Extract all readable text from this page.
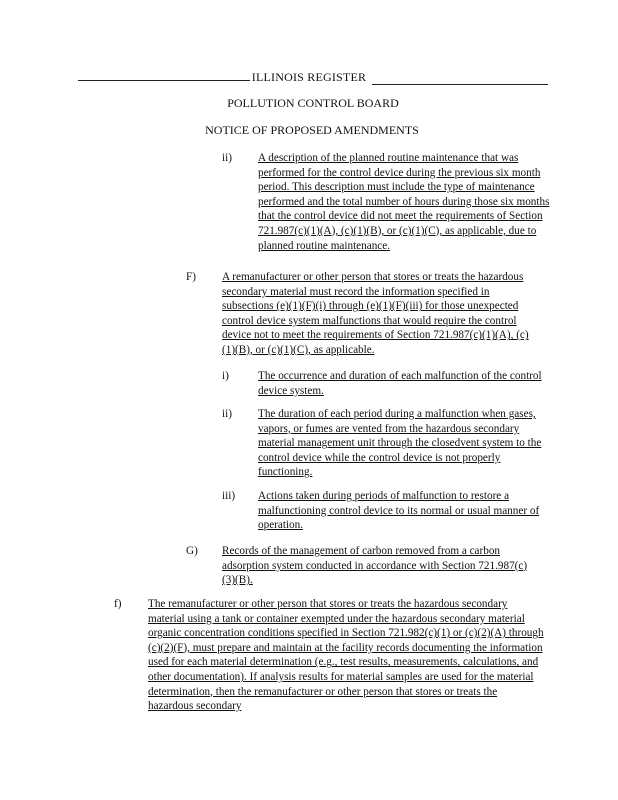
ILLINOIS REGISTER
POLLUTION CONTROL BOARD
NOTICE OF PROPOSED AMENDMENTS
ii) A description of the planned routine maintenance that was performed for the control device during the previous six month period. This description must include the type of maintenance performed and the total number of hours during those six months that the control device did not meet the requirements of Section 721.987(c)(1)(A), (c)(1)(B), or (c)(1)(C), as applicable, due to planned routine maintenance.
F) A remanufacturer or other person that stores or treats the hazardous secondary material must record the information specified in subsections (e)(1)(F)(i) through (e)(1)(F)(iii) for those unexpected control device system malfunctions that would require the control device not to meet the requirements of Section 721.987(c)(1)(A), (c)(1)(B), or (c)(1)(C), as applicable.
i)	The occurrence and duration of each malfunction of the control device system.
ii) The duration of each period during a malfunction when gases, vapors, or fumes are vented from the hazardous secondary material management unit through the closedvent system to the control device while the control device is not properly functioning.
iii) Actions taken during periods of malfunction to restore a malfunctioning control device to its normal or usual manner of operation.
G) Records of the management of carbon removed from a carbon adsorption system conducted in accordance with Section 721.987(c)(3)(B).
f) The remanufacturer or other person that stores or treats the hazardous secondary material using a tank or container exempted under the hazardous secondary material organic concentration conditions specified in Section 721.982(c)(1) or (c)(2)(A) through (c)(2)(F), must prepare and maintain at the facility records documenting the information used for each material determination (e.g., test results, measurements, calculations, and other documentation). If analysis results for material samples are used for the material determination, then the remanufacturer or other person that stores or treats the hazardous secondary
